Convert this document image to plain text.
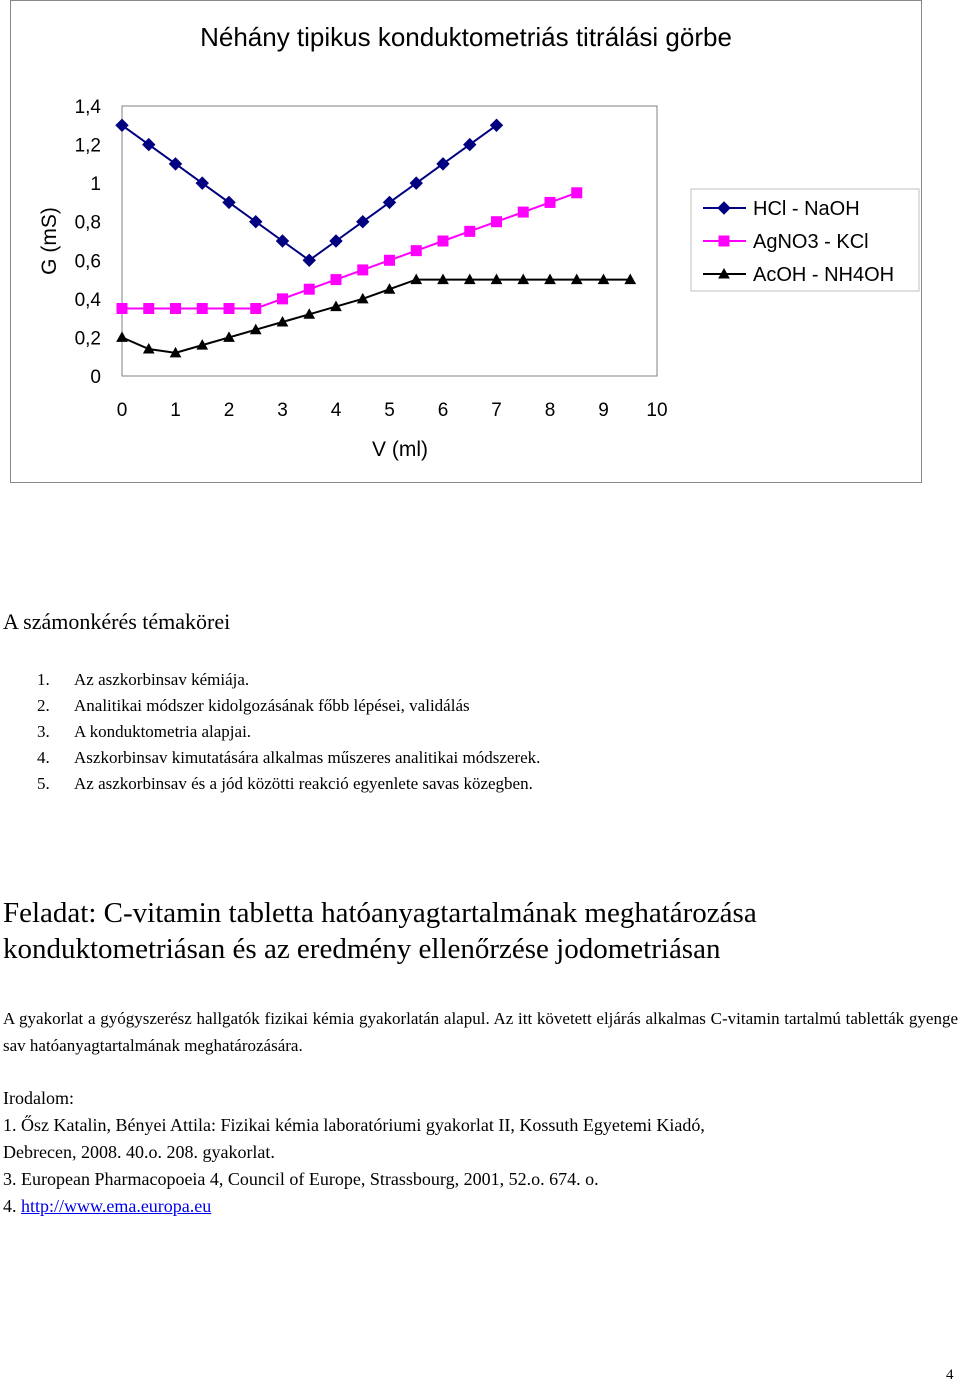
Néhány tipikus konduktometriás titrálási görbe
0
0,2
0,4
0,6
0,8
1
1,2
1,4
0 1 2 3 4 5 6 7 8 9 10
V (ml)
G (mS)	HCl - NaOH
AgNO3 - KCl
AcOH - NH4OH
A számonkérés témakörei
1. Az aszkorbinsav kémiája.
2. Analitikai módszer kidolgozásának főbb lépései, validálás
3. A konduktometria alapjai.
4. Aszkorbinsav kimutatására alkalmas műszeres analitikai módszerek.
5. Az aszkorbinsav és a jód közötti reakció egyenlete savas közegben.
Feladat: C-vitamin tabletta hatóanyagtartalmának meghatározása konduktometriásan és az eredmény ellenőrzése jodometriásan
A gyakorlat a gyógyszerész hallgatók fizikai kémia gyakorlatán alapul. Az itt követett eljárás alkalmas C-vitamin tartalmú tabletták gyenge sav hatóanyagtartalmának meghatározására.
Irodalom:
1. Ősz Katalin, Bényei Attila: Fizikai kémia laboratóriumi gyakorlat II, Kossuth Egyetemi Kiadó,
Debrecen, 2008. 40.o. 208. gyakorlat.
3. European Pharmacopoeia 4, Council of Europe, Strassbourg, 2001, 52.o. 674. o.
4. http://www.ema.europa.eu
4
